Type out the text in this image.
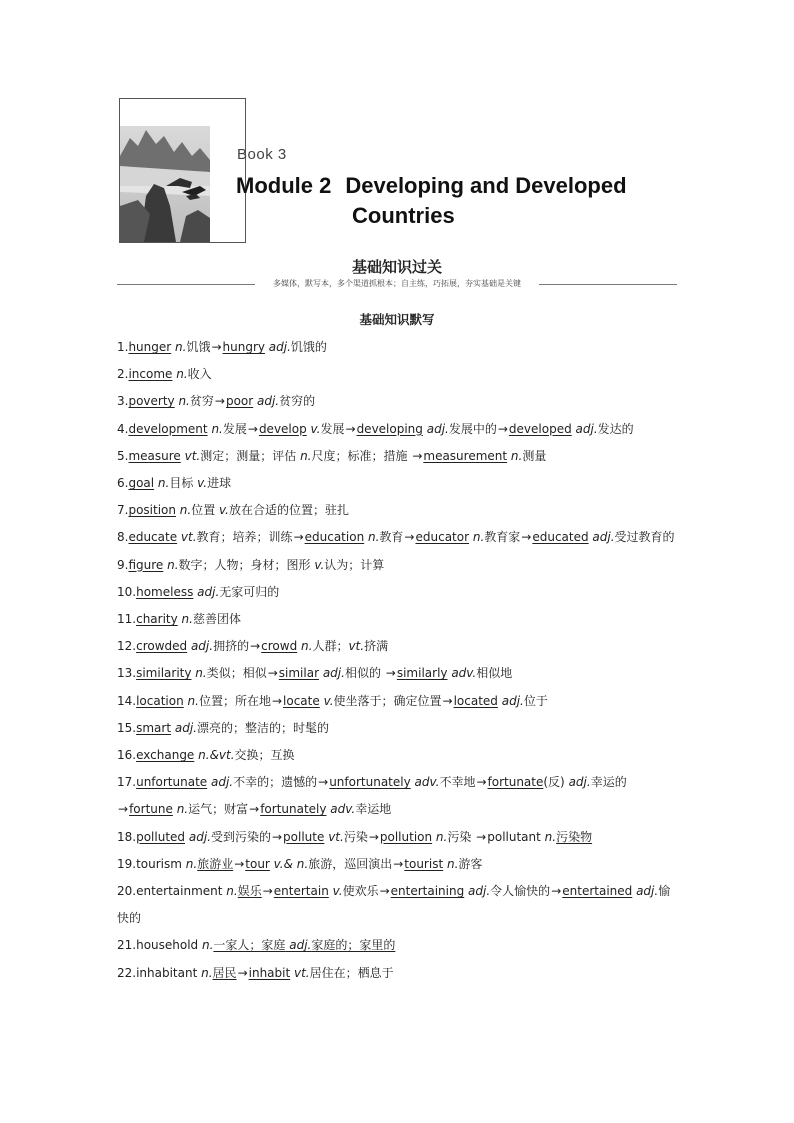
Book 3
Module 2 Developing and Developed
Countries
基础知识过关
多媒体，默写本，多个渠道抓根本；自主练，巧拓展，夯实基础是关键
基础知识默写
1.hunger n.饥饿→hungry adj.饥饿的
2.income n.收入
3.poverty n.贫穷→poor adj.贫穷的
4.development n.发展→develop v.发展→developing adj.发展中的→developed adj.发达的
5.measure vt.测定；测量；评估 n.尺度；标准；措施 →measurement n.测量
6.goal n.目标 v.进球
7.position n.位置 v.放在合适的位置；驻扎
8.educate vt.教育；培养；训练→education n.教育→educator n.教育家→educated adj.受过教育的
9.figure n.数字；人物；身材；图形 v.认为；计算
10.homeless adj.无家可归的
11.charity n.慈善团体
12.crowded adj.拥挤的→crowd n.人群；vt.挤满
13.similarity n.类似；相似→similar adj.相似的 →similarly adv.相似地
14.location n.位置；所在地→locate v.使坐落于；确定位置→located adj.位于
15.smart adj.漂亮的；整洁的；时髦的
16.exchange n.&vt.交换；互换
17.unfortunate adj.不幸的；遗憾的→unfortunately adv.不幸地→fortunate(反) adj.幸运的→fortune n.运气；财富→fortunately adv.幸运地
18.polluted adj.受到污染的→pollute vt.污染→pollution n.污染 →pollutant n.污染物
19.tourism n.旅游业→tour v.& n.旅游，巡回演出→tourist n.游客
20.entertainment n.娱乐→entertain v.使欢乐→entertaining adj.令人愉快的→entertained adj.愉快的
21.household n.一家人；家庭 adj.家庭的；家里的
22.inhabitant n.居民→inhabit vt.居住在；栖息于
